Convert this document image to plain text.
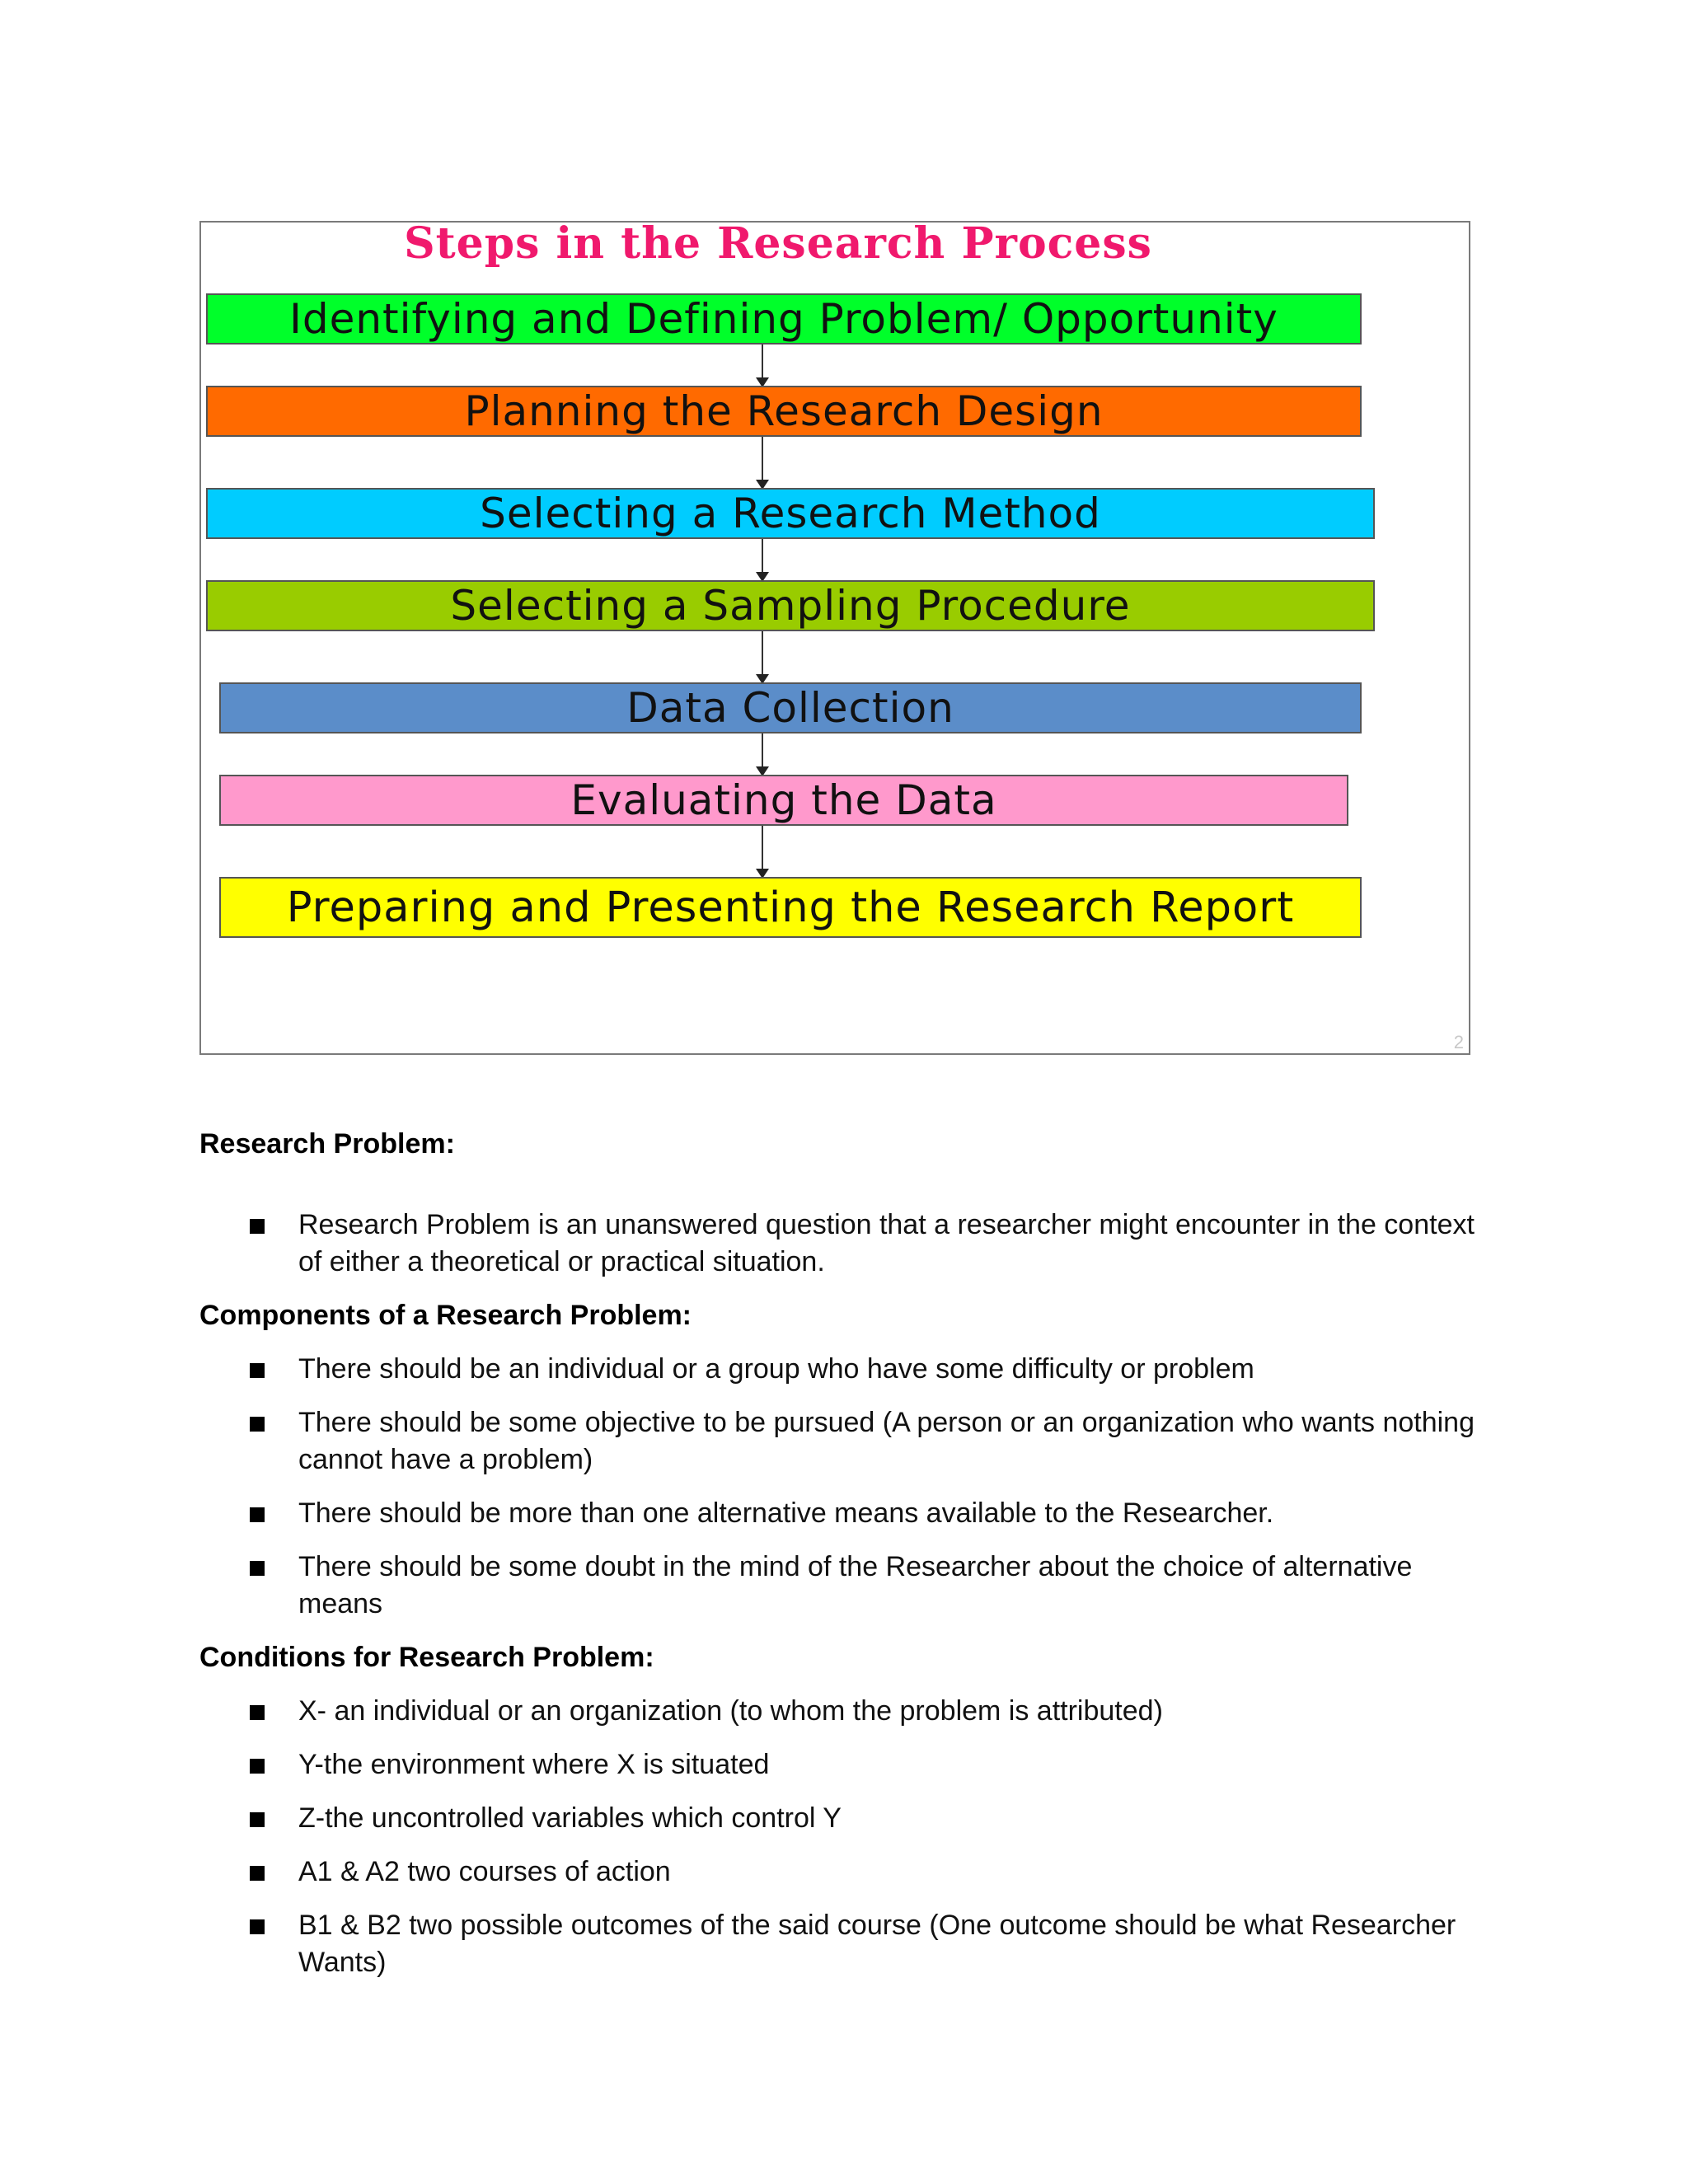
Steps in the Research Process
Identifying and Defining Problem/ Opportunity
Planning the Research Design
Selecting a Research Method
Selecting a Sampling Procedure
Data Collection
Evaluating the Data
Preparing and Presenting the Research Report
2
Research Problem:
Research Problem is an unanswered question that a researcher might encounter in the context of either a theoretical or practical situation.
Components of a Research Problem:
There should be an individual or a group who have some difficulty or problem
There should be some objective to be pursued (A person or an organization who wants nothing cannot have a problem)
There should be more than one alternative means available to the Researcher.
There should be some doubt in the mind of the Researcher about the choice of alternative means
Conditions for Research Problem:
X- an individual or an organization (to whom the problem is attributed)
Y-the environment where X is situated
Z-the uncontrolled variables which control Y
A1 & A2 two courses of action
B1 & B2 two possible outcomes of the said course (One outcome should be what Researcher Wants)
